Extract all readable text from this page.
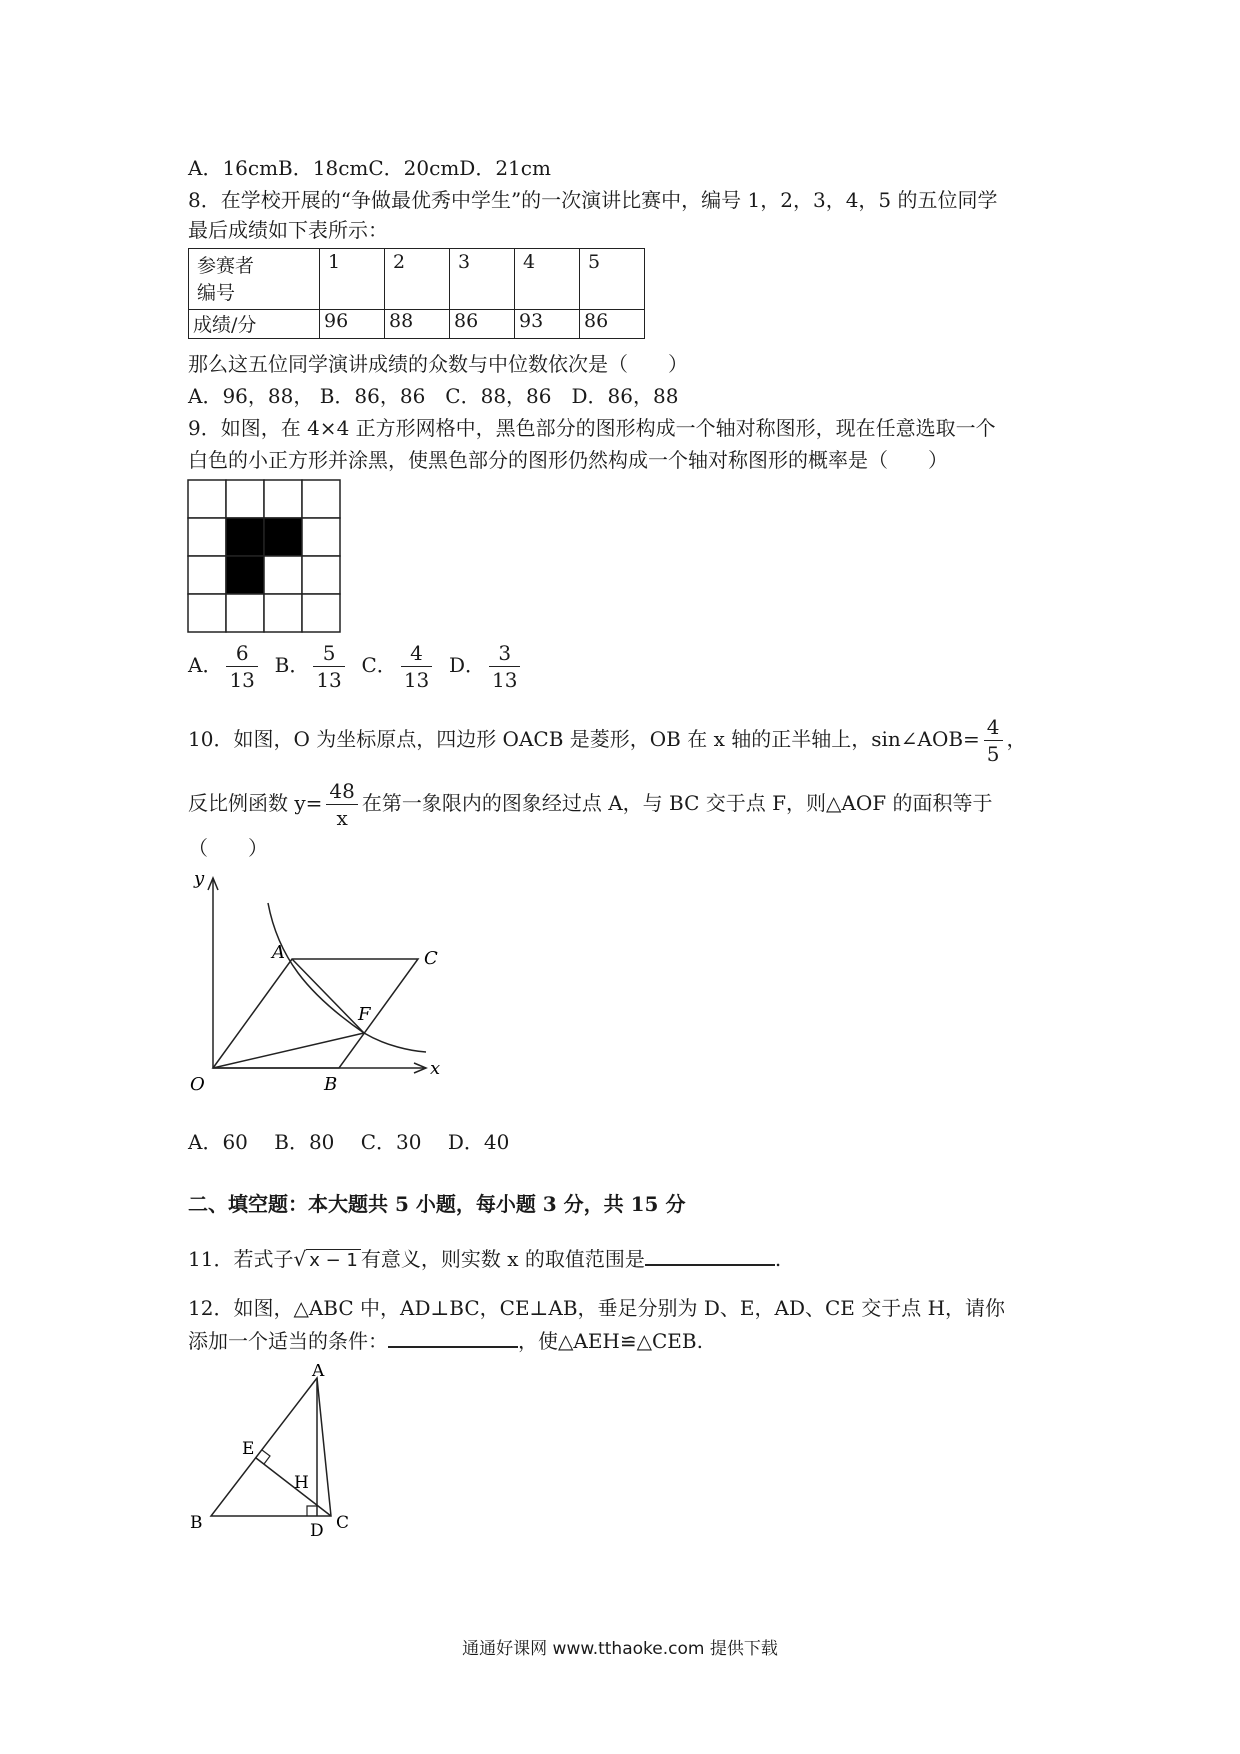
A．16cmB．18cmC．20cmD．21cm
8．在学校开展的“争做最优秀中学生”的一次演讲比赛中，编号 1，2，3，4，5 的五位同学
最后成绩如下表所示：
参赛者
编号	1	2	3	4	5
成绩/分	96	88	86	93	86
那么这五位同学演讲成绩的众数与中位数依次是（　　）
A．96，88， B．86，86　C．88，86　D．86，88
9．如图，在 4×4 正方形网格中，黑色部分的图形构成一个轴对称图形，现在任意选取一个
白色的小正方形并涂黑，使黑色部分的图形仍然构成一个轴对称图形的概率是（　　）
A． $\frac{6}{13}$ B． $\frac{5}{13}$ C． $\frac{4}{13}$ D． $\frac{3}{13}$
10．如图，O 为坐标原点，四边形 OACB 是菱形，OB 在 x 轴的正半轴上，sin∠AOB= $\frac{4}{5}$ ，
反比例函数 $y= \frac{48}{x}$ 在第一象限内的图象经过点 A，与 BC 交于点 F，则△AOF 的面积等于
（　　）
y
x
O
A
B
C
F
A．60　 B．80　 C．30　 D．40
二、填空题：本大题共 5 小题，每小题 3 分，共 15 分
11．若式子√ x − 1 有意义，则实数 x 的取值范围是	.
12．如图，△ABC 中，AD⊥BC，CE⊥AB，垂足分别为 D、E，AD、CE 交于点 H，请你
添加一个适当的条件：	，使△AEH≌△CEB.
A
B	C
D
E
H
通通好课网 www.tthaoke.com 提供下载
